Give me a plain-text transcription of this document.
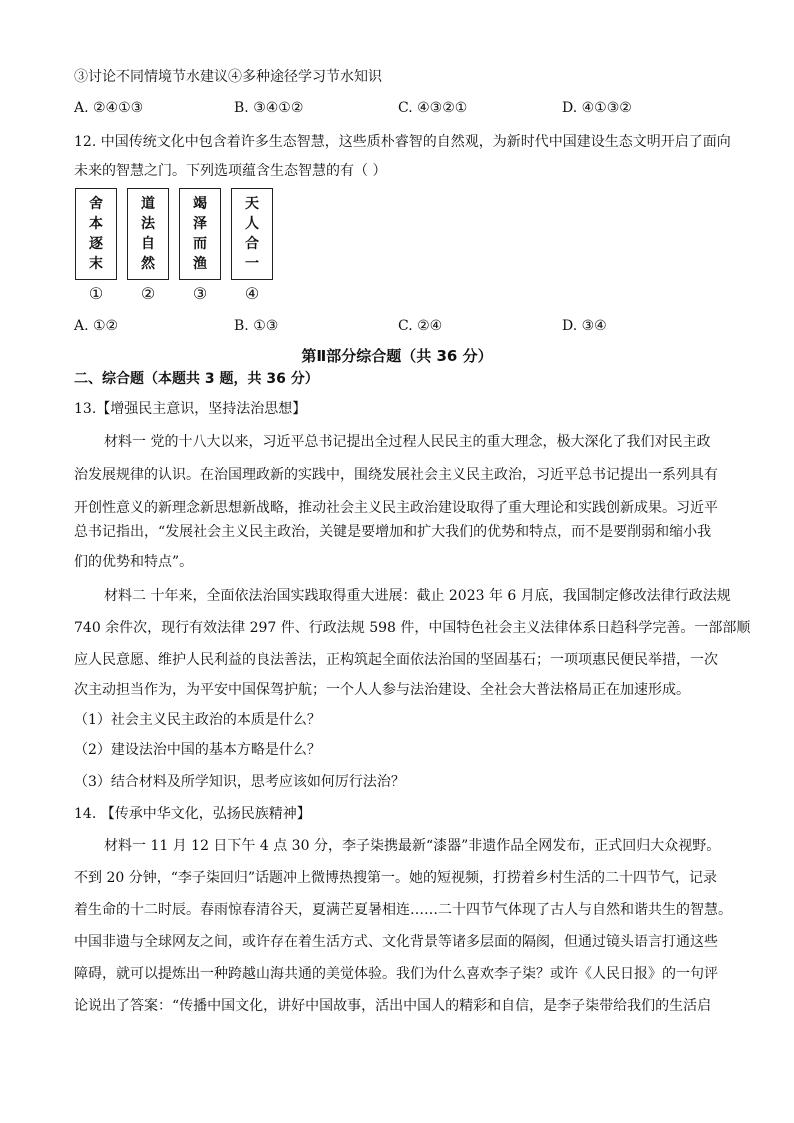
③讨论不同情境节水建议④多种途径学习节水知识
A. ②④①③	B. ③④①②	C. ④③②①	D. ④①③②
12. 中国传统文化中包含着许多生态智慧，这些质朴睿智的自然观，为新时代中国建设生态文明开启了面向
未来的智慧之门。下列选项蕴含生态智慧的有（ ）
舍
本
逐
末
道
法
自
然
竭
泽
而
渔
天
人
合
一
①	②	③	④
A. ①②	B. ①③	C. ②④	D. ③④
第Ⅱ部分综合题（共 36 分）
二、综合题（本题共 3 题，共 36 分）
13.【增强民主意识，坚持法治思想】
材料一 党的十八大以来，习近平总书记提出全过程人民民主的重大理念，极大深化了我们对民主政
治发展规律的认识。在治国理政新的实践中，围绕发展社会主义民主政治，习近平总书记提出一系列具有
开创性意义的新理念新思想新战略，推动社会主义民主政治建设取得了重大理论和实践创新成果。习近平
总书记指出，“发展社会主义民主政治，关键是要增加和扩大我们的优势和特点，而不是要削弱和缩小我
们的优势和特点”。
材料二 十年来，全面依法治国实践取得重大进展：截止 2023 年 6 月底，我国制定修改法律行政法规
740 余件次，现行有效法律 297 件、行政法规 598 件，中国特色社会主义法律体系日趋科学完善。一部部顺
应人民意愿、维护人民利益的良法善法，正构筑起全面依法治国的坚固基石；一项项惠民便民举措，一次
次主动担当作为，为平安中国保驾护航；一个人人参与法治建设、全社会大普法格局正在加速形成。
（1）社会主义民主政治的本质是什么？
（2）建设法治中国的基本方略是什么？
（3）结合材料及所学知识，思考应该如何厉行法治？
14. 【传承中华文化，弘扬民族精神】
材料一 11 月 12 日下午 4 点 30 分，李子柒携最新“漆器”非遗作品全网发布，正式回归大众视野。
不到 20 分钟，“李子柒回归”话题冲上微博热搜第一。她的短视频，打捞着乡村生活的二十四节气，记录
着生命的十二时辰。春雨惊春清谷天，夏满芒夏暑相连……二十四节气体现了古人与自然和谐共生的智慧。
中国非遗与全球网友之间，或许存在着生活方式、文化背景等诸多层面的隔阂，但通过镜头语言打通这些
障碍，就可以提炼出一种跨越山海共通的美觉体验。我们为什么喜欢李子柒？或许《人民日报》的一句评
论说出了答案：“传播中国文化，讲好中国故事，活出中国人的精彩和自信，是李子柒带给我们的生活启
